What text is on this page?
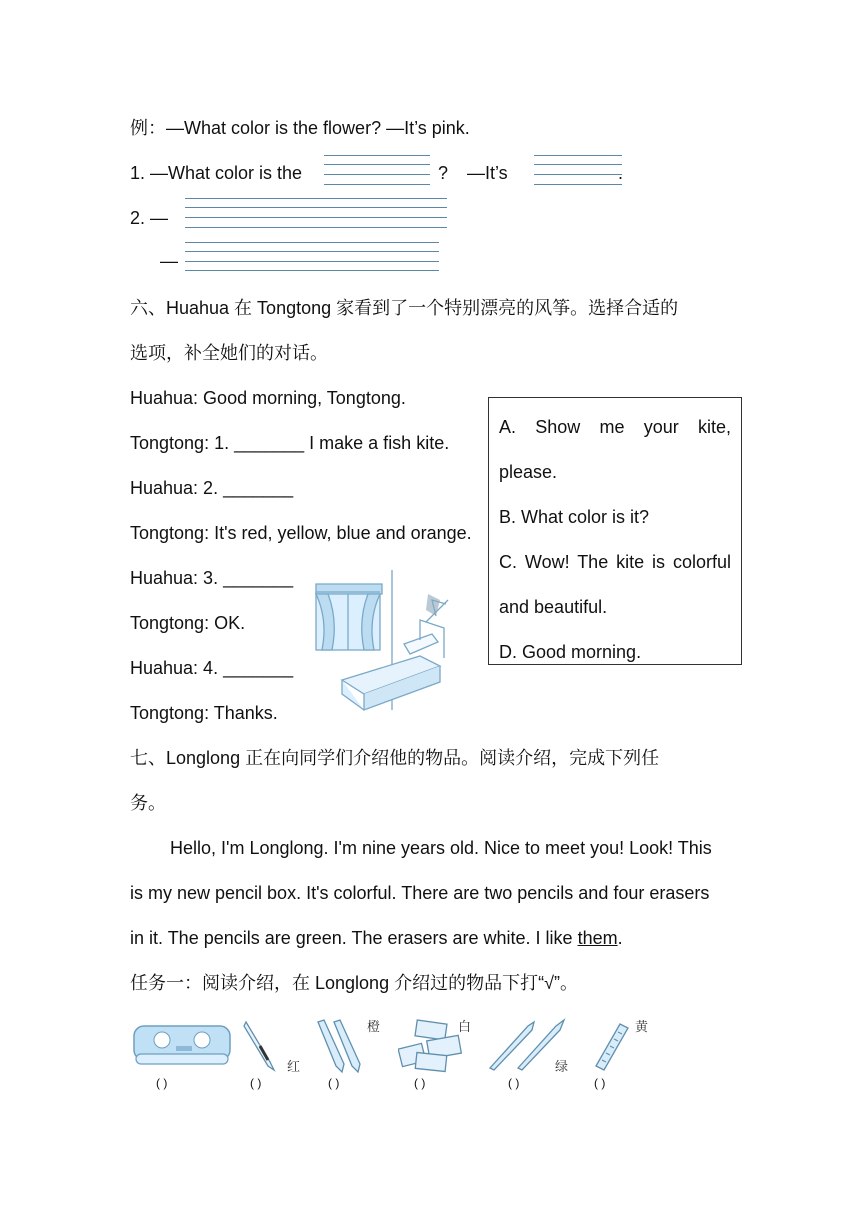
例：—What color is the flower? —It’s pink.
1. —What color is the	? —It’s	.
2. —
—
六、Huahua 在 Tongtong 家看到了一个特别漂亮的风筝。选择合适的
选项，补全她们的对话。
Huahua: Good morning, Tongtong.
Tongtong: 1. _______ I make a fish kite.
Huahua: 2. _______
Tongtong: It's red, yellow, blue and orange.
Huahua: 3. _______
Tongtong: OK.
Huahua: 4. _______
Tongtong: Thanks.
A. Show me your kite,
please.
B. What color is it?
C. Wow! The kite is colorful
and beautiful.
D. Good morning.
七、Longlong 正在向同学们介绍他的物品。阅读介绍，完成下列任
务。
Hello, I'm Longlong. I'm nine years old. Nice to meet you! Look! This
is my new pencil box. It's colorful. There are two pencils and four erasers
in it. The pencils are green. The erasers are white. I like them.
任务一：阅读介绍，在 Longlong 介绍过的物品下打“√”。
红
橙	白
绿
黄
( )	( )	( )	( )	( )	( )
